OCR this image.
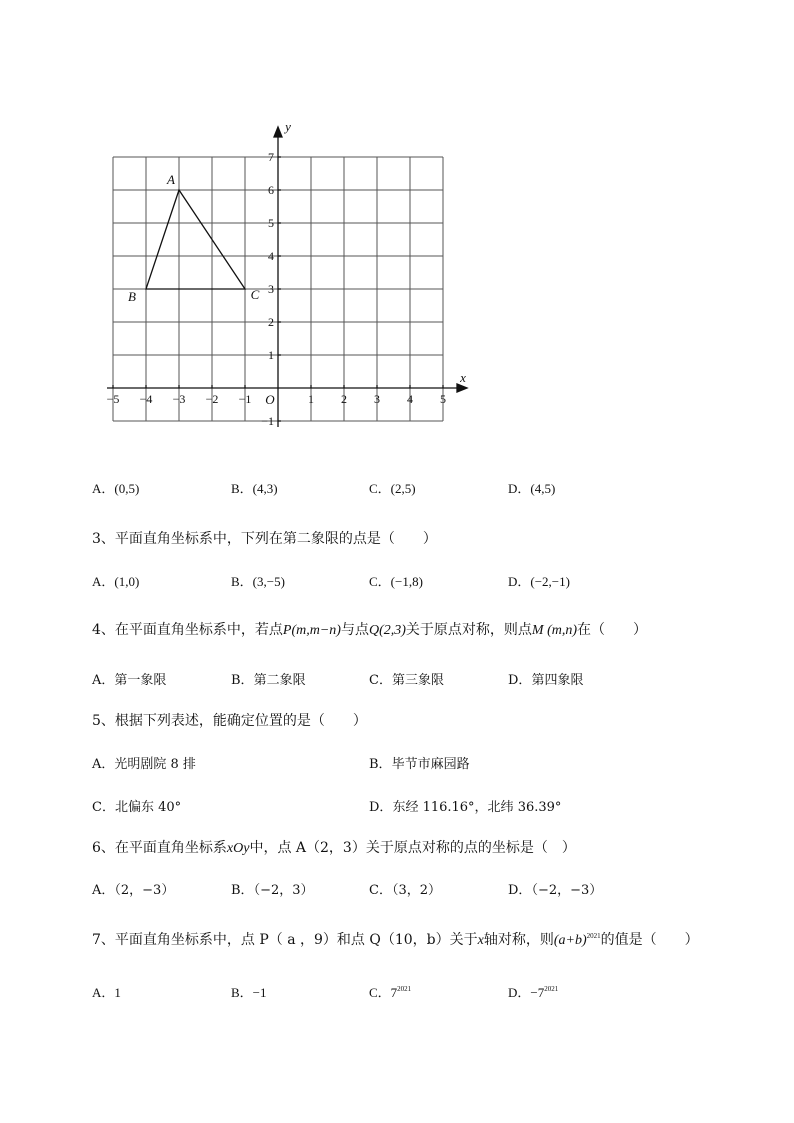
−5 −4 −3 −2 −1	1 2 3 4 5
7
6
5
4
3
2
1
−1
O
x
y
A
B	C
A．(0,5)	B．(4,3)	C．(2,5)	D．(4,5)
3、平面直角坐标系中，下列在第二象限的点是（　　）
A．(1,0)	B．(3,−5)	C．(−1,8)	D．(−2,−1)
4、在平面直角坐标系中，若点P(m,m−n)与点Q(2,3)关于原点对称，则点M (m,n)在（　　）
A．第一象限	B．第二象限	C．第三象限	D．第四象限
5、根据下列表述，能确定位置的是（　　）
A．光明剧院 8 排	B．毕节市麻园路
C．北偏东 40°	D．东经 116.16°，北纬 36.39°
6、在平面直角坐标系xOy中，点 A（2，3）关于原点对称的点的坐标是（　）
A．（2，−3）	B．（−2，3）	C．（3，2）	D．（−2，−3）
7、平面直角坐标系中，点 P（ a ，9）和点 Q（10，b）关于x轴对称，则$(a+b)^{2021}$的值是（　　）
A．1	B．−1	C．$7^{2021}$	D．$-7^{2021}$
